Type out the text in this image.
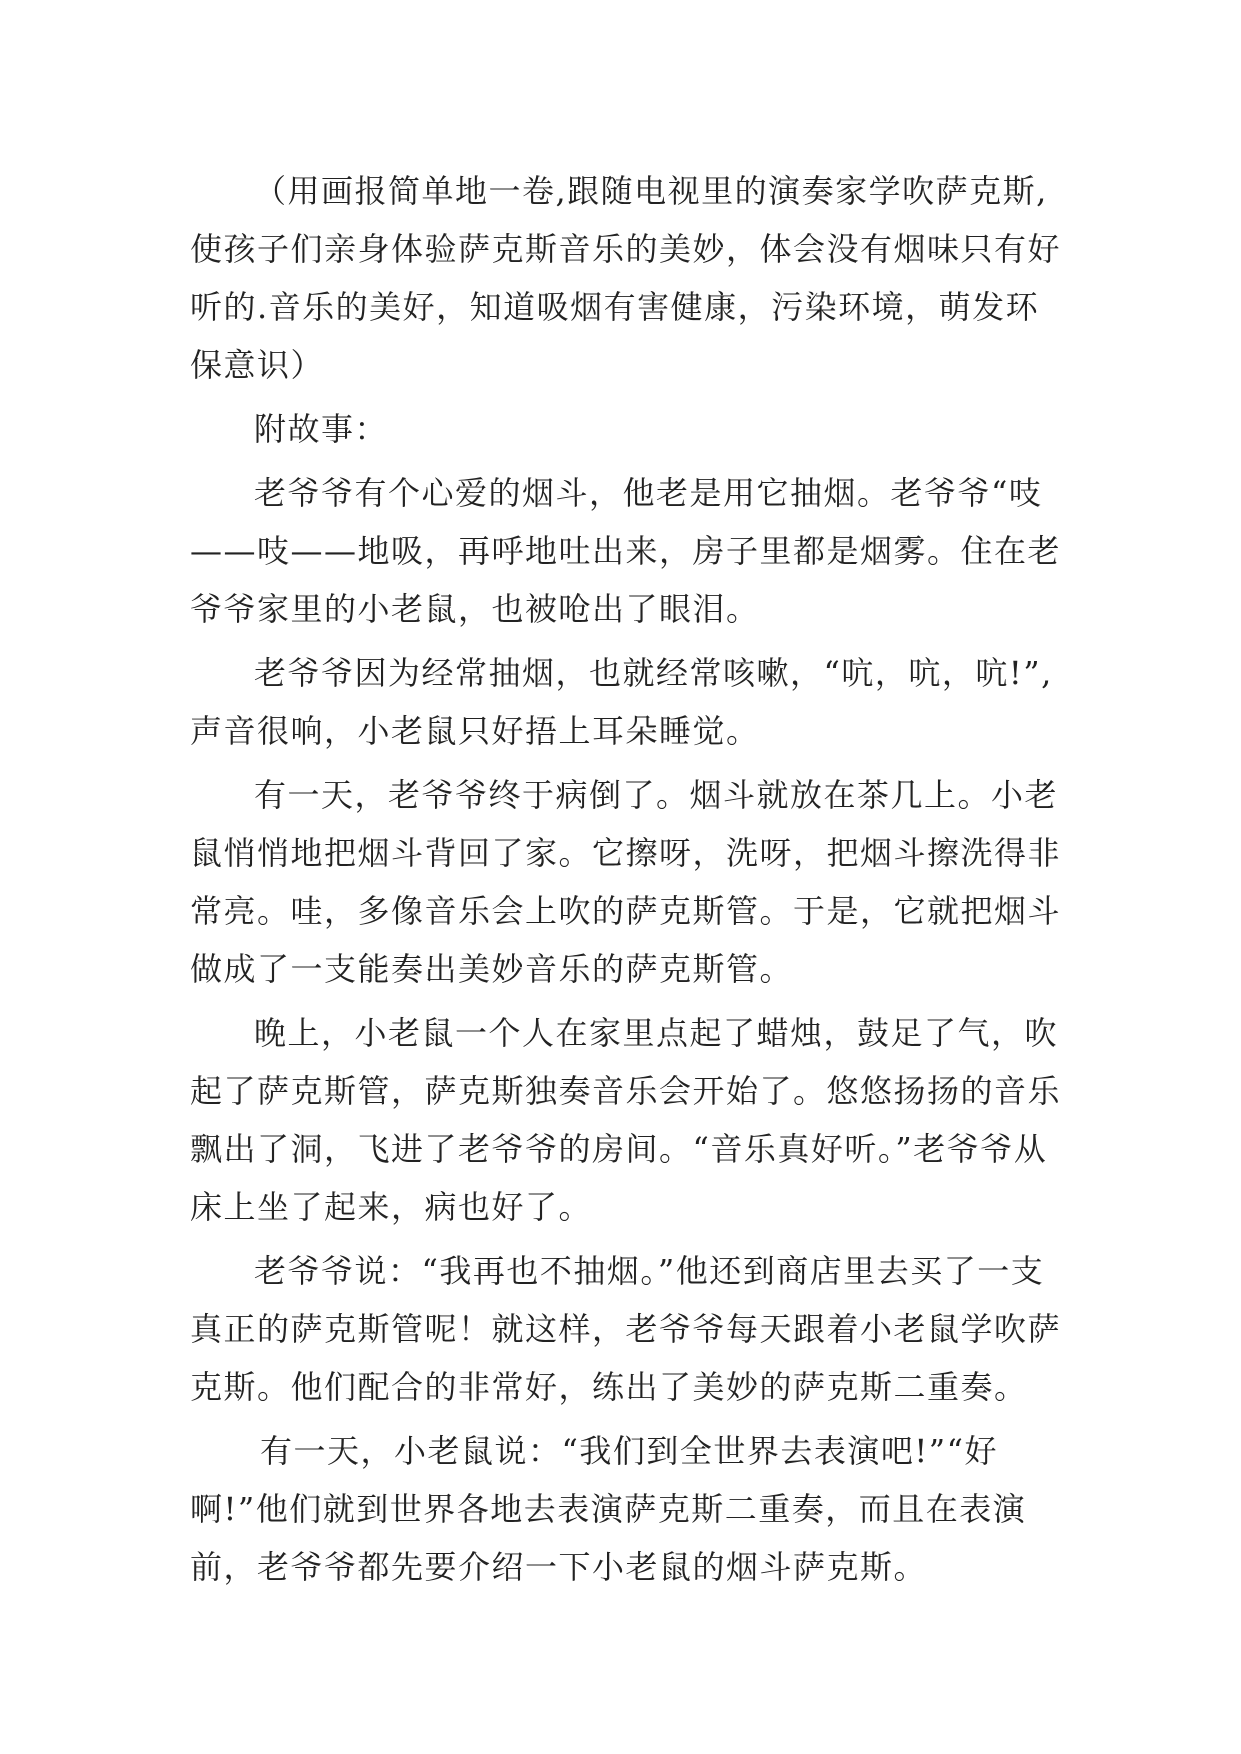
（用画报简单地一卷,跟随电视里的演奏家学吹萨克斯,
使孩子们亲身体验萨克斯音乐的美妙，体会没有烟味只有好
听的.音乐的美好，知道吸烟有害健康，污染环境，萌发环
保意识）
附故事：
老爷爷有个心爱的烟斗，他老是用它抽烟。老爷爷“吱
——吱——地吸，再呼地吐出来，房子里都是烟雾。住在老
爷爷家里的小老鼠，也被呛出了眼泪。
老爷爷因为经常抽烟，也就经常咳嗽，“吭，吭，吭!”,
声音很响，小老鼠只好捂上耳朵睡觉。
有一天，老爷爷终于病倒了。烟斗就放在茶几上。小老
鼠悄悄地把烟斗背回了家。它擦呀，洗呀，把烟斗擦洗得非
常亮。哇，多像音乐会上吹的萨克斯管。于是，它就把烟斗
做成了一支能奏出美妙音乐的萨克斯管。
晚上，小老鼠一个人在家里点起了蜡烛，鼓足了气，吹
起了萨克斯管，萨克斯独奏音乐会开始了。悠悠扬扬的音乐
飘出了洞，飞进了老爷爷的房间。“音乐真好听。”老爷爷从
床上坐了起来，病也好了。
老爷爷说：“我再也不抽烟。”他还到商店里去买了一支
真正的萨克斯管呢！就这样，老爷爷每天跟着小老鼠学吹萨
克斯。他们配合的非常好，练出了美妙的萨克斯二重奏。
有一天，小老鼠说：“我们到全世界去表演吧!”“好
啊!”他们就到世界各地去表演萨克斯二重奏，而且在表演
前，老爷爷都先要介绍一下小老鼠的烟斗萨克斯。
